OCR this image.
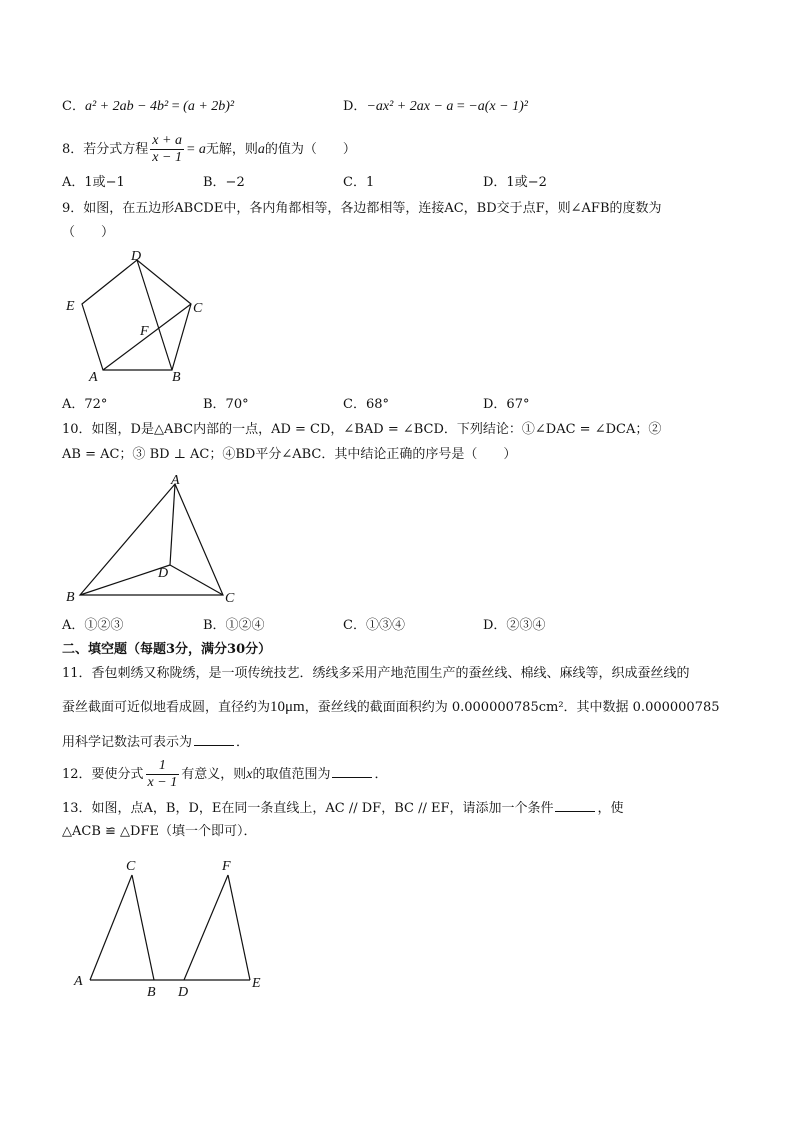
C．a² + 2ab − 4b² = (a + 2b)²	D．−ax² + 2ax − a = −a(x − 1)²
8．若分式方程 $\frac{x + a}{x - 1} = a$无解，则a的值为（　　）
A．1或−1	B．−2	C．1	D．1或−2
9．如图，在五边形ABCDE中，各内角都相等，各边都相等，连接AC，BD交于点F，则∠AFB的度数为
（　　）
A	B
C
D
E
F
A．72°	B．70°	C．68°	D．67°
10．如图，D是△ABC内部的一点，AD = CD，∠BAD = ∠BCD．下列结论：①∠DAC = ∠DCA；②
AB = AC；③ BD ⊥ AC；④BD平分∠ABC．其中结论正确的序号是（　　）
A
B	C
D
A．①②③	B．①②④	C．①③④	D．②③④
二、填空题（每题3分，满分30分）
11．香包刺绣又称陇绣，是一项传统技艺．绣线多采用产地范围生产的蚕丝线、棉线、麻线等，织成蚕丝线的
蚕丝截面可近似地看成圆，直径约为10μm，蚕丝线的截面面积约为 0.000000785cm²．其中数据 0.000000785
用科学记数法可表示为	．
12．要使分式 $\frac{1}{x - 1}$ 有意义，则x的取值范围为	．
13．如图，点A，B，D，E在同一条直线上，AC // DF，BC // EF，请添加一个条件	，使
△ACB ≌ △DFE（填一个即可）．
A
B
C
D
E
F
